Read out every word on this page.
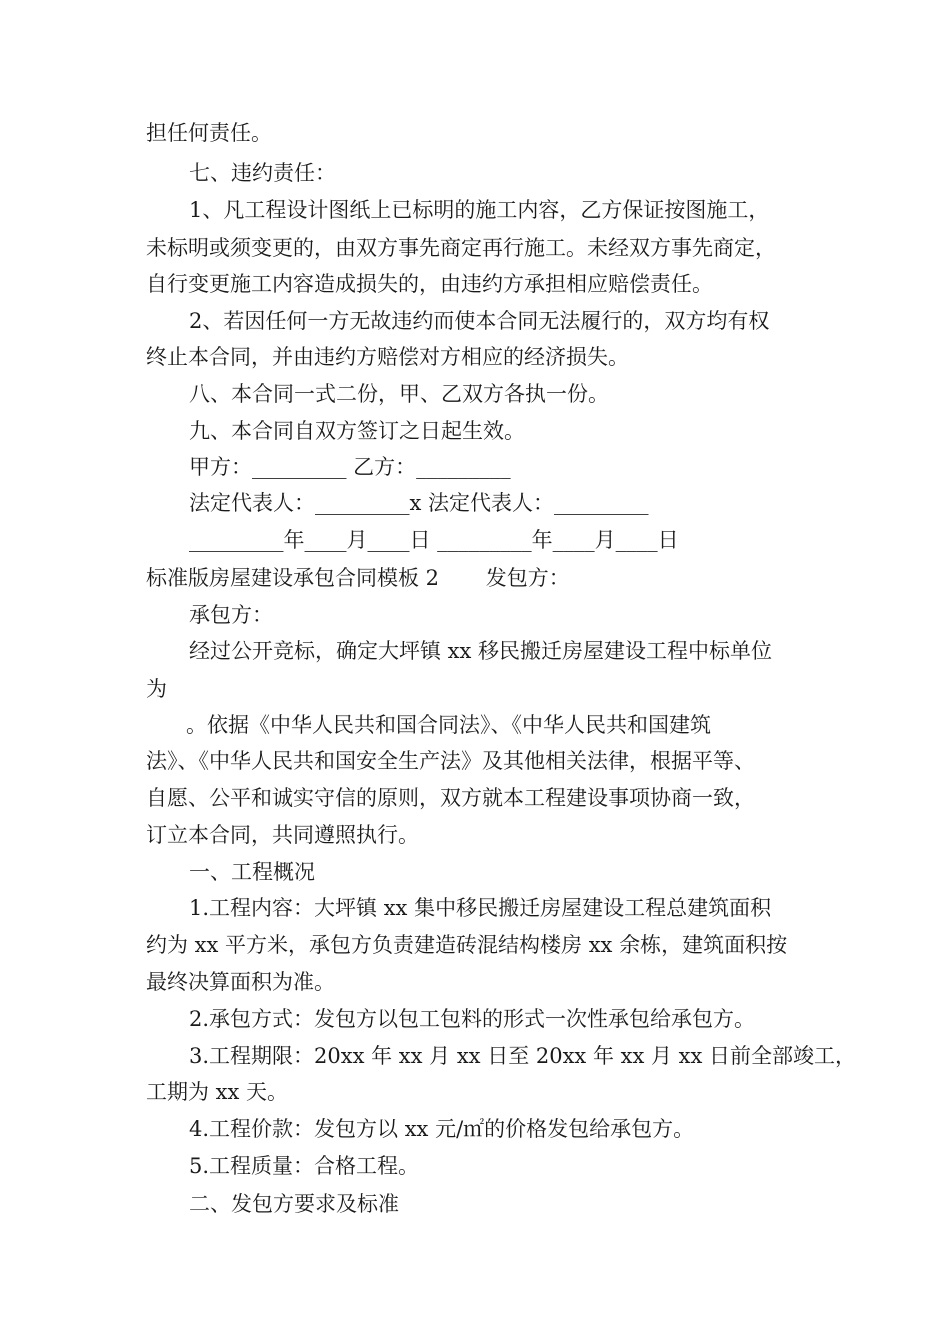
担任何责任。
七、违约责任：
1、凡工程设计图纸上已标明的施工内容，乙方保证按图施工，
未标明或须变更的，由双方事先商定再行施工。未经双方事先商定，
自行变更施工内容造成损失的，由违约方承担相应赔偿责任。
2、若因任何一方无故违约而使本合同无法履行的，双方均有权
终止本合同，并由违约方赔偿对方相应的经济损失。
八、本合同一式二份，甲、乙双方各执一份。
九、本合同自双方签订之日起生效。
甲方：_________ 乙方：_________
法定代表人：_________x 法定代表人：_________
_________年____月____日 _________年____月____日
标准版房屋建设承包合同模板 2       发包方：
承包方：
经过公开竞标，确定大坪镇 xx 移民搬迁房屋建设工程中标单位
为
。依据《中华人民共和国合同法》、《中华人民共和国建筑
法》、《中华人民共和国安全生产法》及其他相关法律，根据平等、
自愿、公平和诚实守信的原则，双方就本工程建设事项协商一致，
订立本合同，共同遵照执行。
一、工程概况
1.工程内容：大坪镇 xx 集中移民搬迁房屋建设工程总建筑面积
约为 xx 平方米，承包方负责建造砖混结构楼房 xx 余栋，建筑面积按
最终决算面积为准。
2.承包方式：发包方以包工包料的形式一次性承包给承包方。
3.工程期限：20xx 年 xx 月 xx 日至 20xx 年 xx 月 xx 日前全部竣工，
工期为 xx 天。
4.工程价款：发包方以 xx 元/㎡的价格发包给承包方。
5.工程质量：合格工程。
二、发包方要求及标准
